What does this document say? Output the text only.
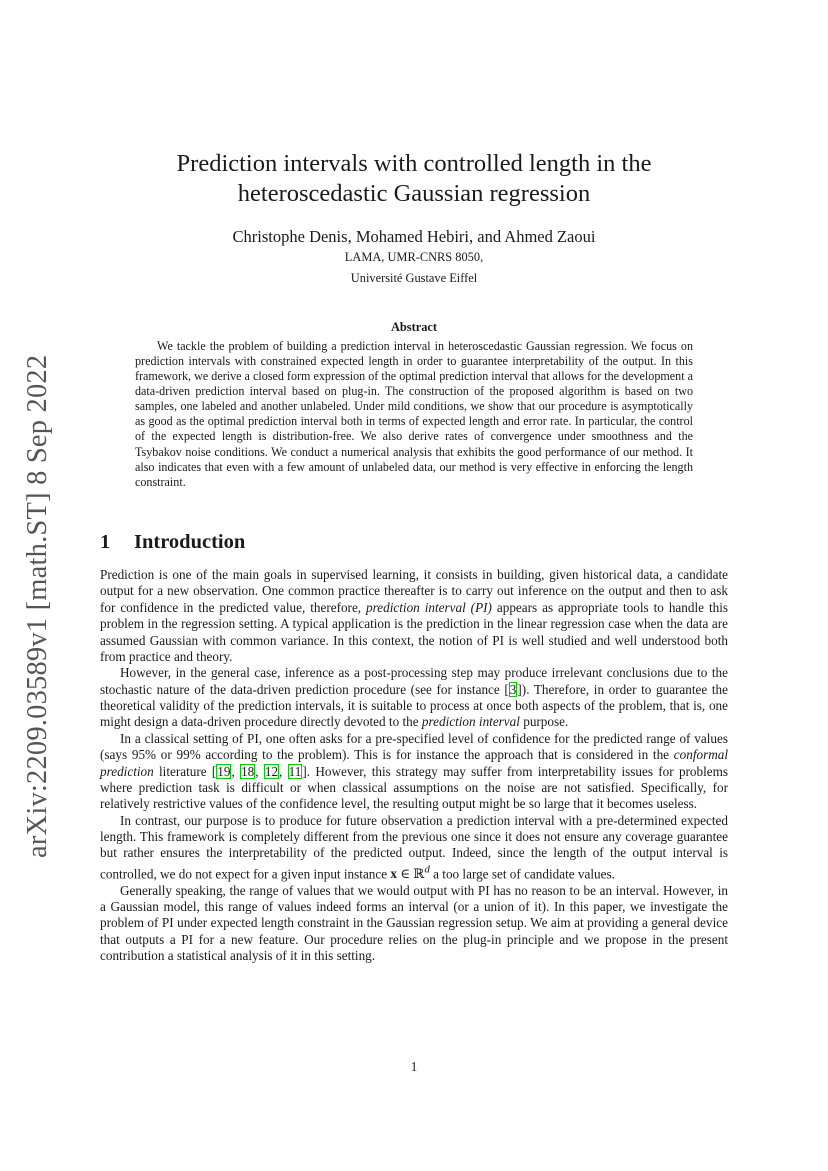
arXiv:2209.03589v1 [math.ST] 8 Sep 2022
Prediction intervals with controlled length in the heteroscedastic Gaussian regression
Christophe Denis, Mohamed Hebiri, and Ahmed Zaoui
LAMA, UMR-CNRS 8050,
Université Gustave Eiffel
Abstract

We tackle the problem of building a prediction interval in heteroscedastic Gaussian regression. We focus on prediction intervals with constrained expected length in order to guarantee interpretability of the output. In this framework, we derive a closed form expression of the optimal prediction interval that allows for the development a data-driven prediction interval based on plug-in. The construction of the proposed algorithm is based on two samples, one labeled and another unlabeled. Under mild conditions, we show that our procedure is asymptotically as good as the optimal prediction interval both in terms of expected length and error rate. In particular, the control of the expected length is distribution-free. We also derive rates of convergence under smoothness and the Tsybakov noise conditions. We conduct a numerical analysis that exhibits the good performance of our method. It also indicates that even with a few amount of unlabeled data, our method is very effective in enforcing the length constraint.

1 Introduction

Prediction is one of the main goals in supervised learning, it consists in building, given historical data, a candidate output for a new observation. One common practice thereafter is to carry out inference on the output and then to ask for confidence in the predicted value, therefore, prediction interval (PI) appears as appropriate tools to handle this problem in the regression setting. A typical application is the prediction in the linear regression case when the data are assumed Gaussian with common variance. In this context, the notion of PI is well studied and well understood both from practice and theory.

However, in the general case, inference as a post-processing step may produce irrelevant conclusions due to the stochastic nature of the data-driven prediction procedure (see for instance [3]). Therefore, in order to guarantee the theoretical validity of the prediction intervals, it is suitable to process at once both aspects of the problem, that is, one might design a data-driven procedure directly devoted to the prediction interval purpose.

In a classical setting of PI, one often asks for a pre-specified level of confidence for the predicted range of values (says 95% or 99% according to the problem). This is for instance the approach that is considered in the conformal prediction literature [19, 18, 12, 11]. However, this strategy may suffer from interpretability issues for problems where prediction task is difficult or when classical assumptions on the noise are not satisfied. Specifically, for relatively restrictive values of the confidence level, the resulting output might be so large that it becomes useless.

In contrast, our purpose is to produce for future observation a prediction interval with a pre-determined expected length. This framework is completely different from the previous one since it does not ensure any coverage guarantee but rather ensures the interpretability of the predicted output. Indeed, since the length of the output interval is controlled, we do not expect for a given input instance x ∈ ℝ$^d$ a too large set of candidate values.

Generally speaking, the range of values that we would output with PI has no reason to be an interval. However, in a Gaussian model, this range of values indeed forms an interval (or a union of it). In this paper, we investigate the problem of PI under expected length constraint in the Gaussian regression setup. We aim at providing a general device that outputs a PI for a new feature. Our procedure relies on the plug-in principle and we propose in the present contribution a statistical analysis of it in this setting.

1
